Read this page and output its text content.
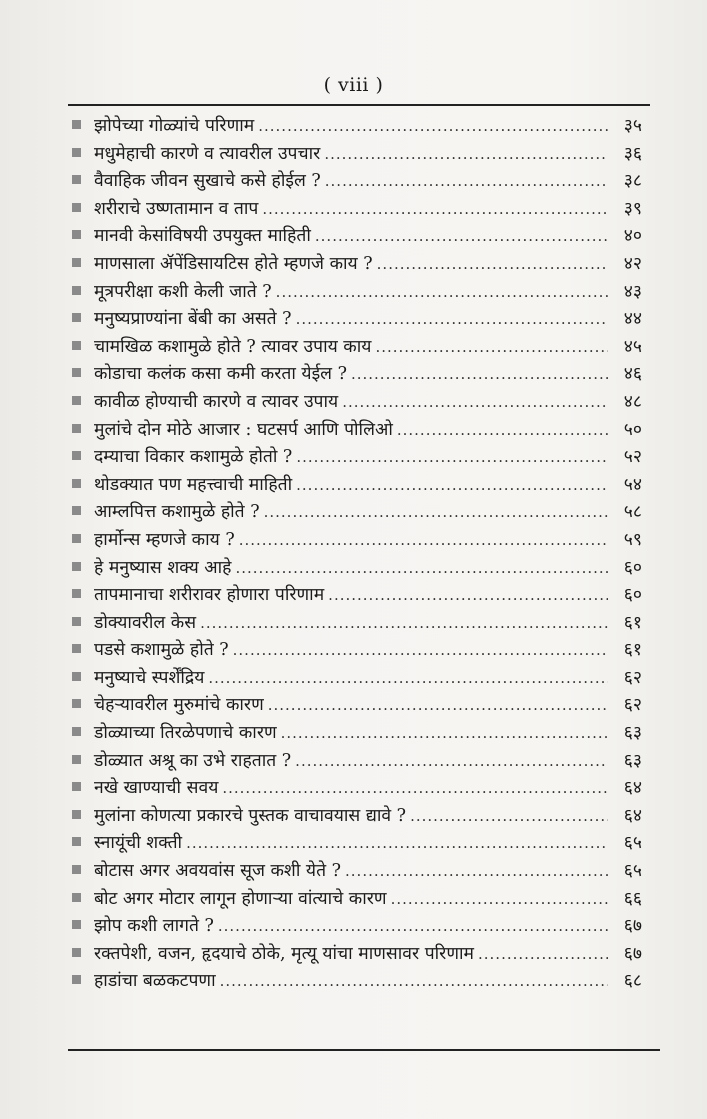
( viii )
झोपेच्या गोळ्यांचे परिणाम .....	३५
मधुमेहाची कारणे व त्यावरील उपचार .....	३६
वैवाहिक जीवन सुखाचे कसे होईल ? .....	३८
शरीराचे उष्णतामान व ताप .....	३९
मानवी केसांविषयी उपयुक्त माहिती .....	४०
माणसाला ॲपेंडिसायटिस होते म्हणजे काय ? .....	४२
मूत्रपरीक्षा कशी केली जाते ? .....	४३
मनुष्यप्राण्यांना बेंबी का असते ? .....	४४
चामखिळ कशामुळे होते ? त्यावर उपाय काय .....	४५
कोडाचा कलंक कसा कमी करता येईल ? .....	४६
कावीळ होण्याची कारणे व त्यावर उपाय .....	४८
मुलांचे दोन मोठे आजार : घटसर्प आणि पोलिओ .....	५०
दम्याचा विकार कशामुळे होतो ? .....	५२
थोडक्यात पण महत्त्वाची माहिती .....	५४
आम्लपित्त कशामुळे होते ? .....	५८
हार्मोन्स म्हणजे काय ? .....	५९
हे मनुष्यास शक्य आहे .....	६०
तापमानाचा शरीरावर होणारा परिणाम .....	६०
डोक्यावरील केस .....	६१
पडसे कशामुळे होते ? .....	६१
मनुष्याचे स्पर्शेंद्रिय .....	६२
चेहऱ्यावरील मुरुमांचे कारण .....	६२
डोळ्याच्या तिरळेपणाचे कारण .....	६३
डोळ्यात अश्रू का उभे राहतात ? .....	६३
नखे खाण्याची सवय .....	६४
मुलांना कोणत्या प्रकारचे पुस्तक वाचावयास द्यावे ? .....	६४
स्नायूंची शक्ती .....	६५
बोटास अगर अवयवांस सूज कशी येते ? .....	६५
बोट अगर मोटार लागून होणाऱ्या वांत्याचे कारण .....	६६
झोप कशी लागते ? .....	६७
रक्तपेशी, वजन, हृदयाचे ठोके, मृत्यू यांचा माणसावर परिणाम .....	६७
हाडांचा बळकटपणा .....	६८
